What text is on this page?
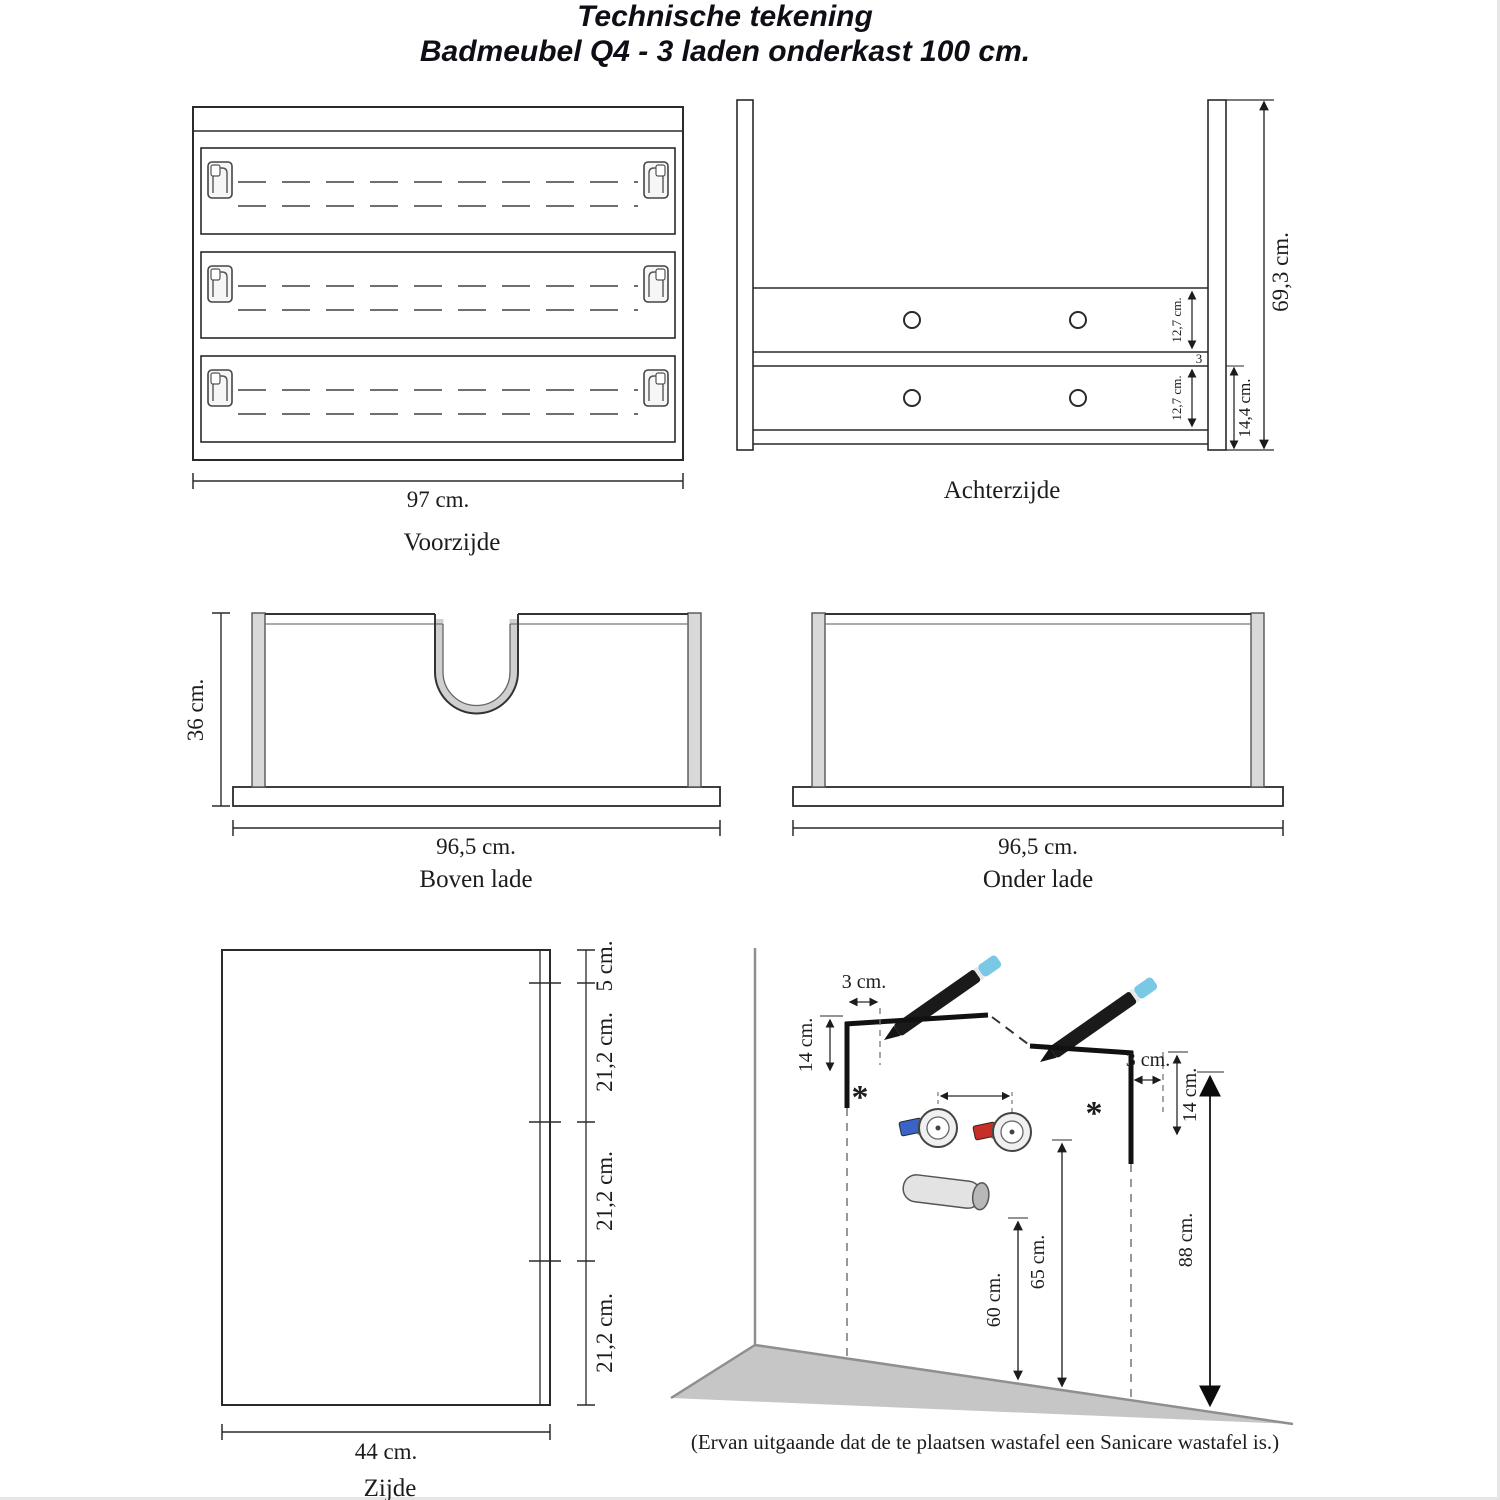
Technische tekening
Badmeubel Q4 - 3 laden onderkast 100 cm.
97 cm.
Voorzijde
12,7 cm.
3
12,7 cm.	14,4 cm.
69,3 cm.
Achterzijde
36 cm.
96,5 cm.
Boven lade
96,5 cm.
Onder lade
5 cm.
21,2 cm.
21,2 cm.
21,2 cm.
44 cm.
Zijde
3 cm.
14 cm.
*
3 cm.
14 cm.
*
60 cm.
65 cm.	88 cm.
(Ervan uitgaande dat de te plaatsen wastafel een Sanicare wastafel is.)
